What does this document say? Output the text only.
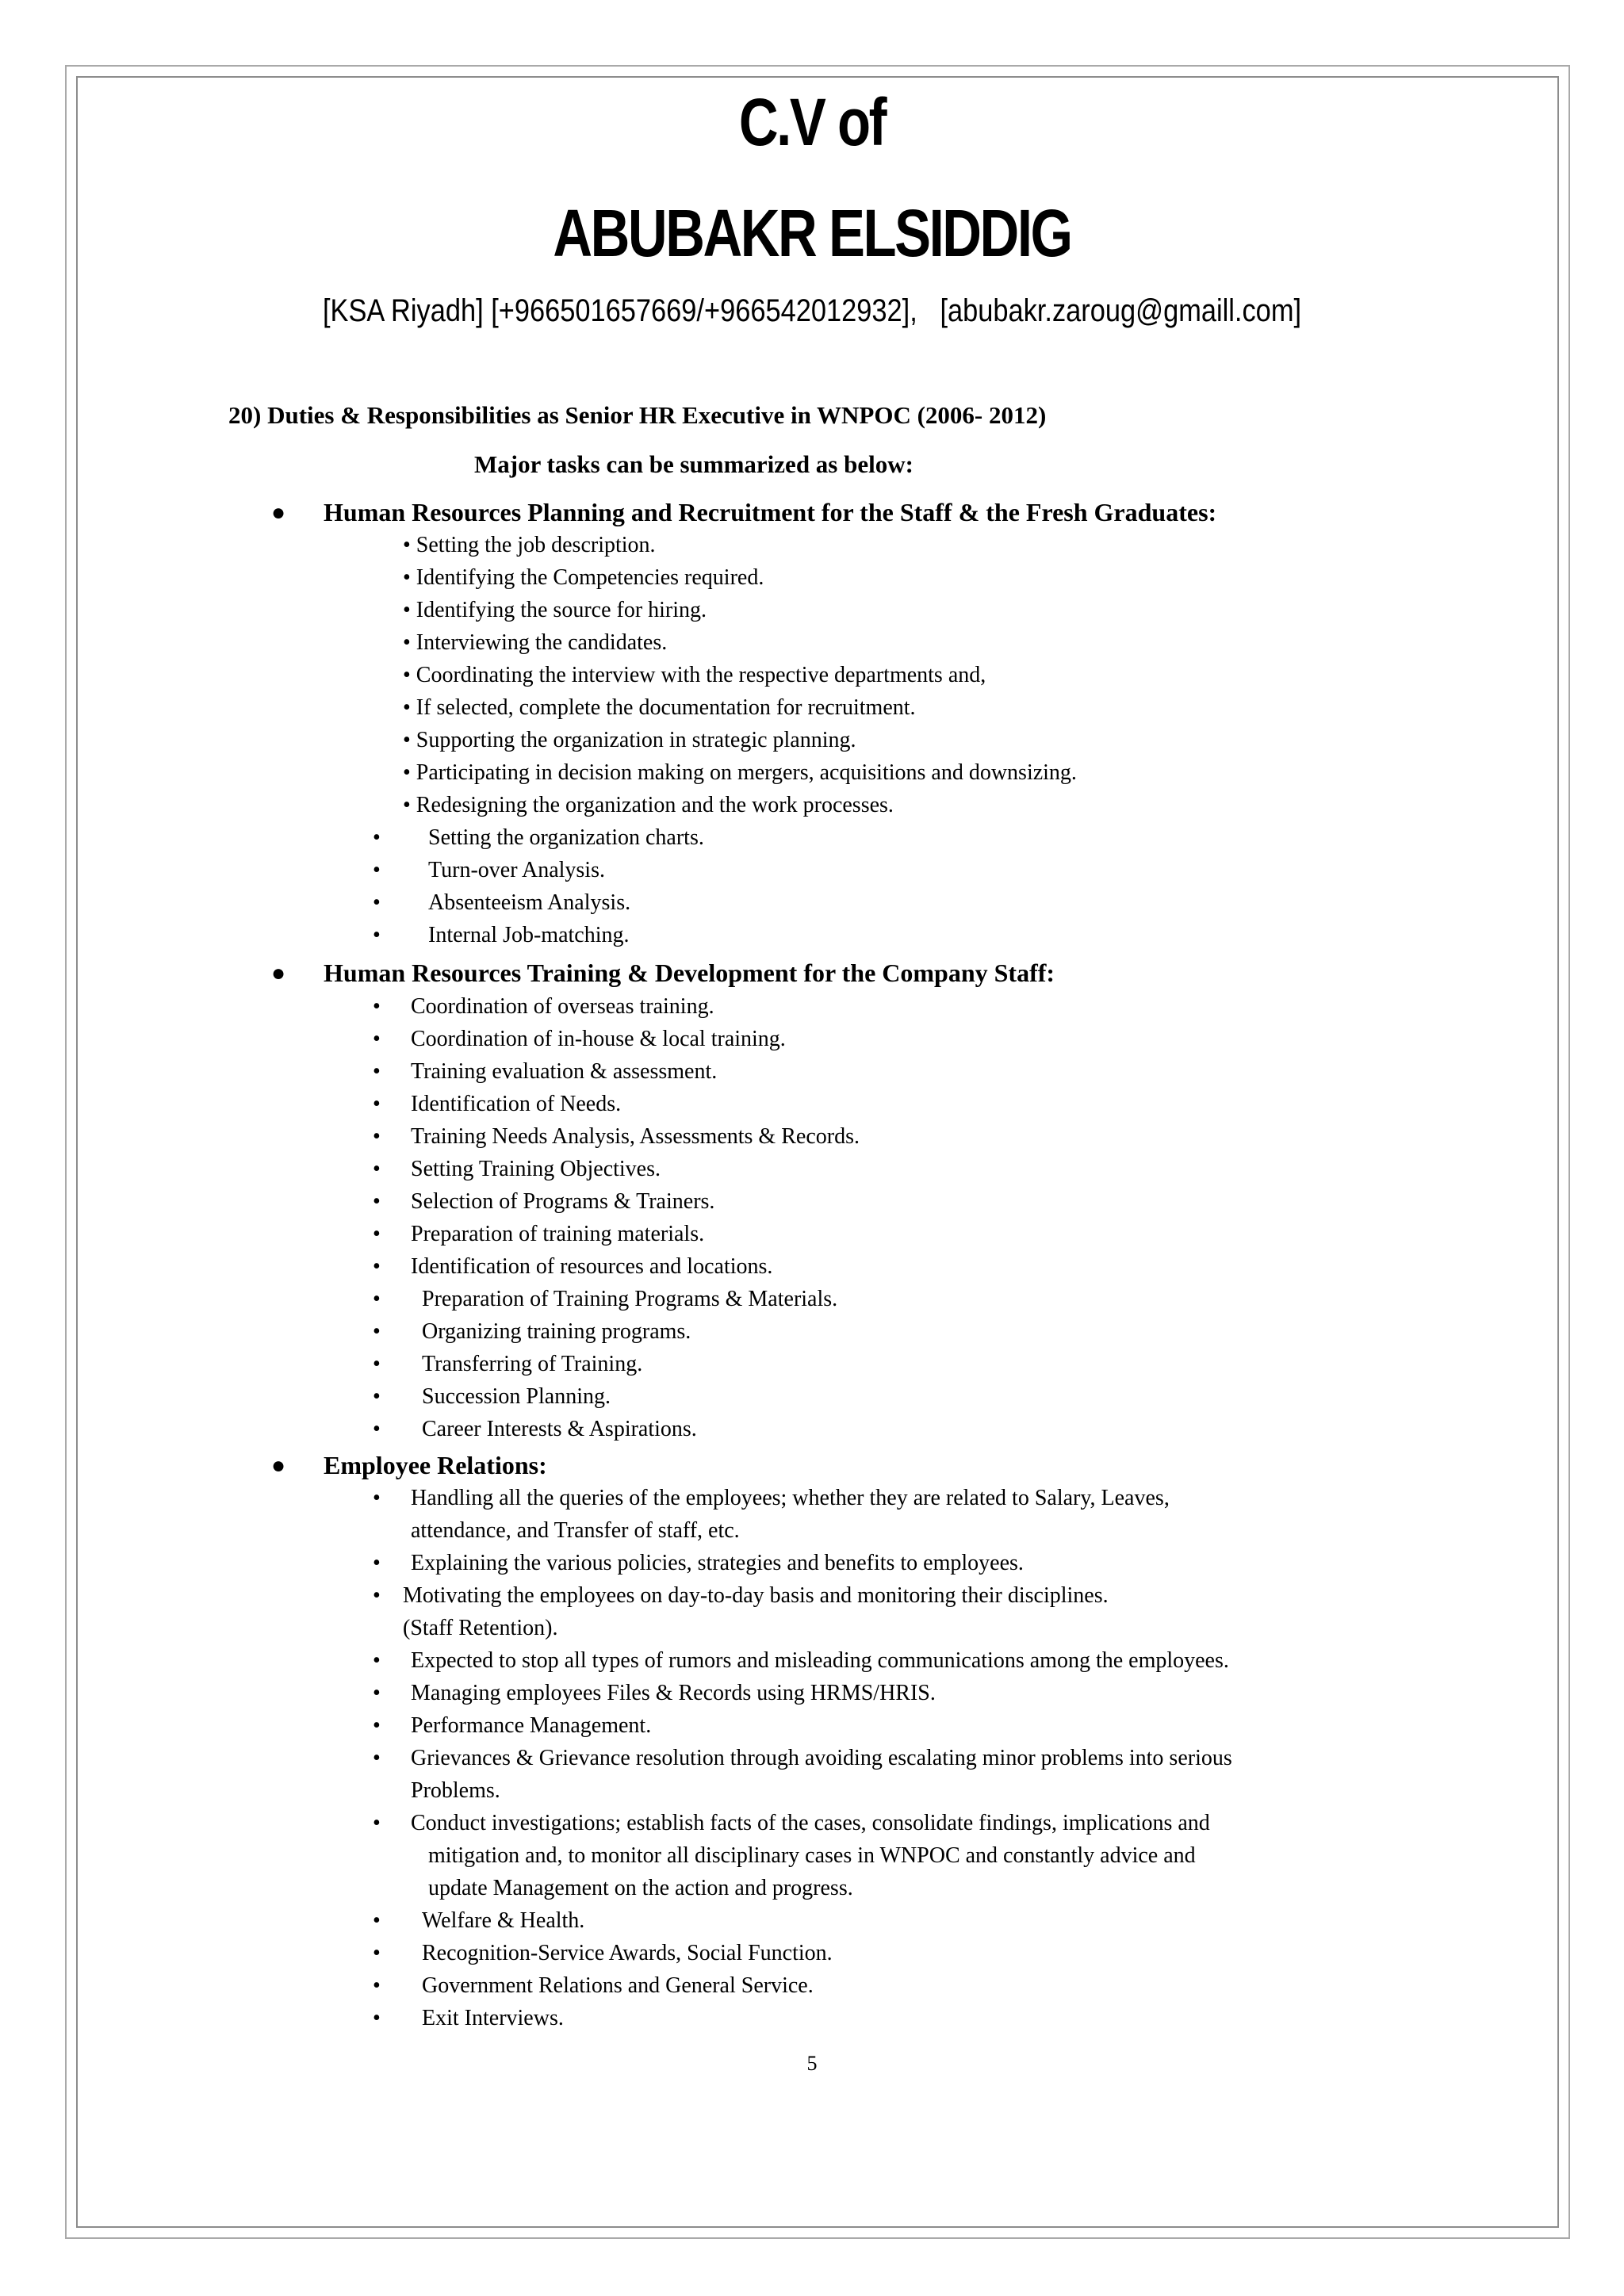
C.V of
ABUBAKR ELSIDDIG
[KSA Riyadh] [+966501657669/+966542012932],   [abubakr.zaroug@gmaill.com]
20) Duties & Responsibilities as Senior HR Executive in WNPOC (2006- 2012)
Major tasks can be summarized as below:
● Human Resources Planning and Recruitment for the Staff & the Fresh Graduates:
• Setting the job description.
• Identifying the Competencies required.
• Identifying the source for hiring.
• Interviewing the candidates.
• Coordinating the interview with the respective departments and,
• If selected, complete the documentation for recruitment.
• Supporting the organization in strategic planning.
• Participating in decision making on mergers, acquisitions and downsizing.
• Redesigning the organization and the work processes.
• Setting the organization charts.
• Turn-over Analysis.
• Absenteeism Analysis.
• Internal Job-matching.
● Human Resources Training & Development for the Company Staff:
• Coordination of overseas training.
• Coordination of in-house & local training.
• Training evaluation & assessment.
• Identification of Needs.
• Training Needs Analysis, Assessments & Records.
• Setting Training Objectives.
• Selection of Programs & Trainers.
• Preparation of training materials.
• Identification of resources and locations.
• Preparation of Training Programs & Materials.
• Organizing training programs.
• Transferring of Training.
• Succession Planning.
• Career Interests & Aspirations.
● Employee Relations:
• Handling all the queries of the employees; whether they are related to Salary, Leaves,
attendance, and Transfer of staff, etc.
• Explaining the various policies, strategies and benefits to employees.
• Motivating the employees on day-to-day basis and monitoring their disciplines.
(Staff Retention).
• Expected to stop all types of rumors and misleading communications among the employees.
• Managing employees Files & Records using HRMS/HRIS.
• Performance Management.
• Grievances & Grievance resolution through avoiding escalating minor problems into serious
Problems.
• Conduct investigations; establish facts of the cases, consolidate findings, implications and
mitigation and, to monitor all disciplinary cases in WNPOC and constantly advice and
update Management on the action and progress.
• Welfare & Health.
• Recognition-Service Awards, Social Function.
• Government Relations and General Service.
• Exit Interviews.
5
